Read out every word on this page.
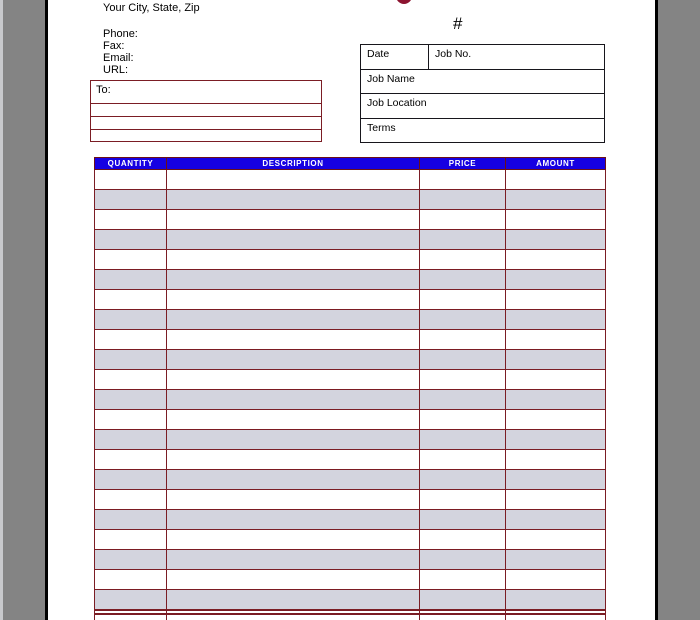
#
Your City, State, Zip
Phone:
Fax:
Email:
URL:
To:
Date	Job No.
Job Name
Job Location
Terms
QUANTITY	DESCRIPTION	PRICE	AMOUNT
